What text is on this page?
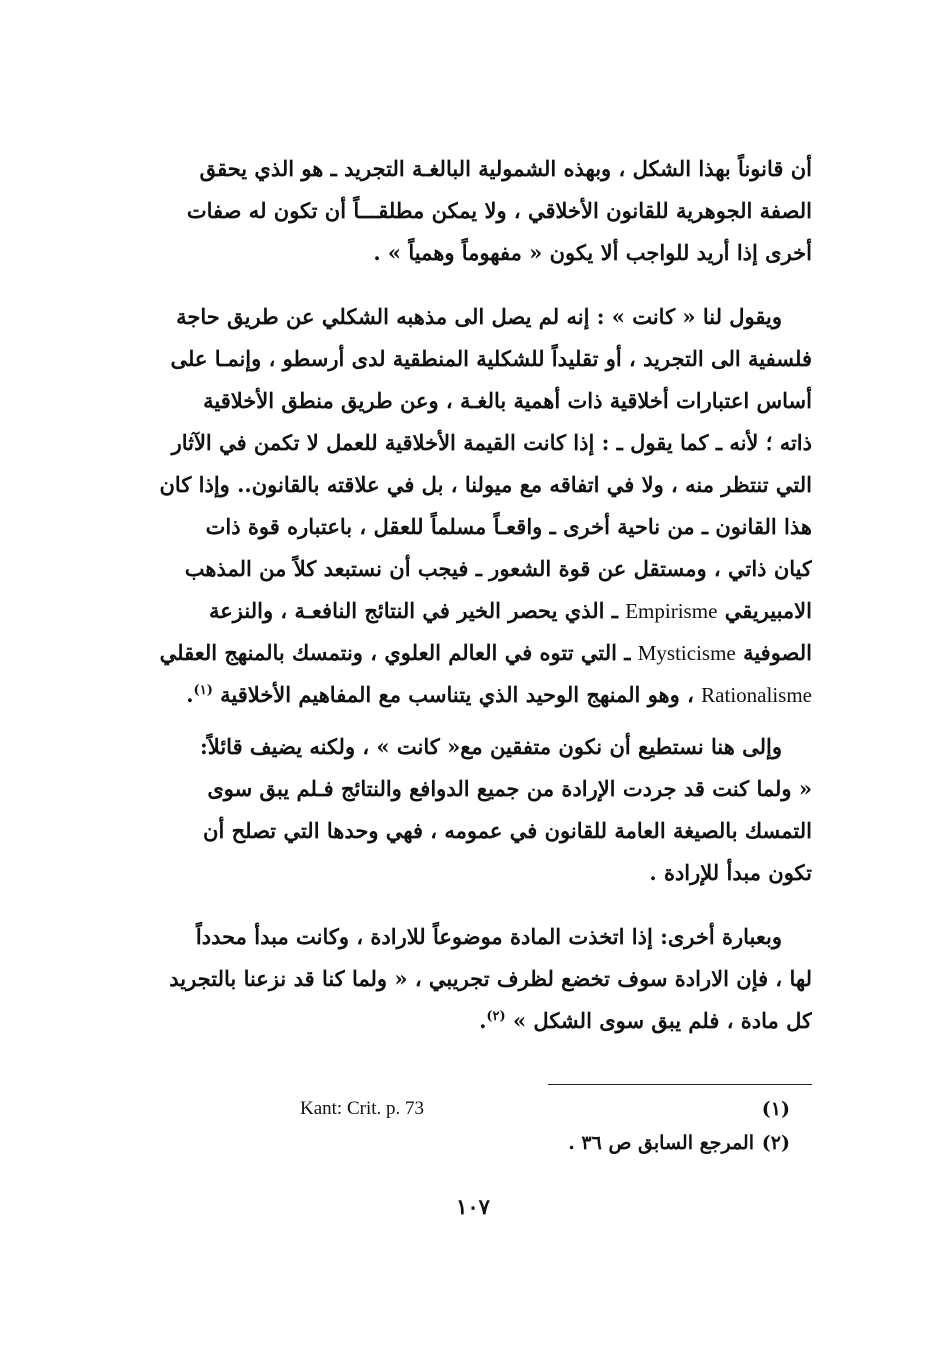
أن قانوناً بهذا الشكل ، وبهذه الشمولية البالغـة التجريد ـ هو الذي يحقق
الصفة الجوهرية للقانون الأخلاقي ، ولا يمكن مطلقـــاً أن تكون له صفات
أخرى إذا أريد للواجب ألا يكون « مفهوماً وهمياً » .
ويقول لنا « كانت » : إنه لم يصل الى مذهبه الشكلي عن طريق حاجة
فلسفية الى التجريد ، أو تقليداً للشكلية المنطقية لدى أرسطو ، وإنمـا على
أساس اعتبارات أخلاقية ذات أهمية بالغـة ، وعن طريق منطق الأخلاقية
ذاته ؛ لأنه ـ كما يقول ـ : إذا كانت القيمة الأخلاقية للعمل لا تكمن في الآثار
التي تنتظر منه ، ولا في اتفاقه مع ميولنا ، بل في علاقته بالقانون.. وإذا كان
هذا القانون ـ من ناحية أخرى ـ واقعـاً مسلماً للعقل ، باعتباره قوة ذات
كيان ذاتي ، ومستقل عن قوة الشعور ـ فيجب أن نستبعد كلاً من المذهب
الامبيريقي Empirisme ـ الذي يحصر الخير في النتائج النافعـة ، والنزعة
الصوفية Mysticisme ـ التي تتوه في العالم العلوي ، ونتمسك بالمنهج العقلي
Rationalisme ، وهو المنهج الوحيد الذي يتناسب مع المفاهيم الأخلاقية $^{(١)}$.
وإلى هنا نستطيع أن نكون متفقين مع« كانت » ، ولكنه يضيف قائلاً:
« ولما كنت قد جردت الإرادة من جميع الدوافع والنتائج فـلم يبق سوى
التمسك بالصيغة العامة للقانون في عمومه ، فهي وحدها التي تصلح أن
تكون مبدأ للإرادة .
وبعبارة أخرى: إذا اتخذت المادة موضوعاً للارادة ، وكانت مبدأ محدداً
لها ، فإن الارادة سوف تخضع لظرف تجريبي ، « ولما كنا قد نزعنا بالتجريد
كل مادة ، فلم يبق سوى الشكل » $^{(٢)}$.
(١)
Kant: Crit. p. 73
(٢)
المرجع السابق ص ٣٦ .
١٠٧
